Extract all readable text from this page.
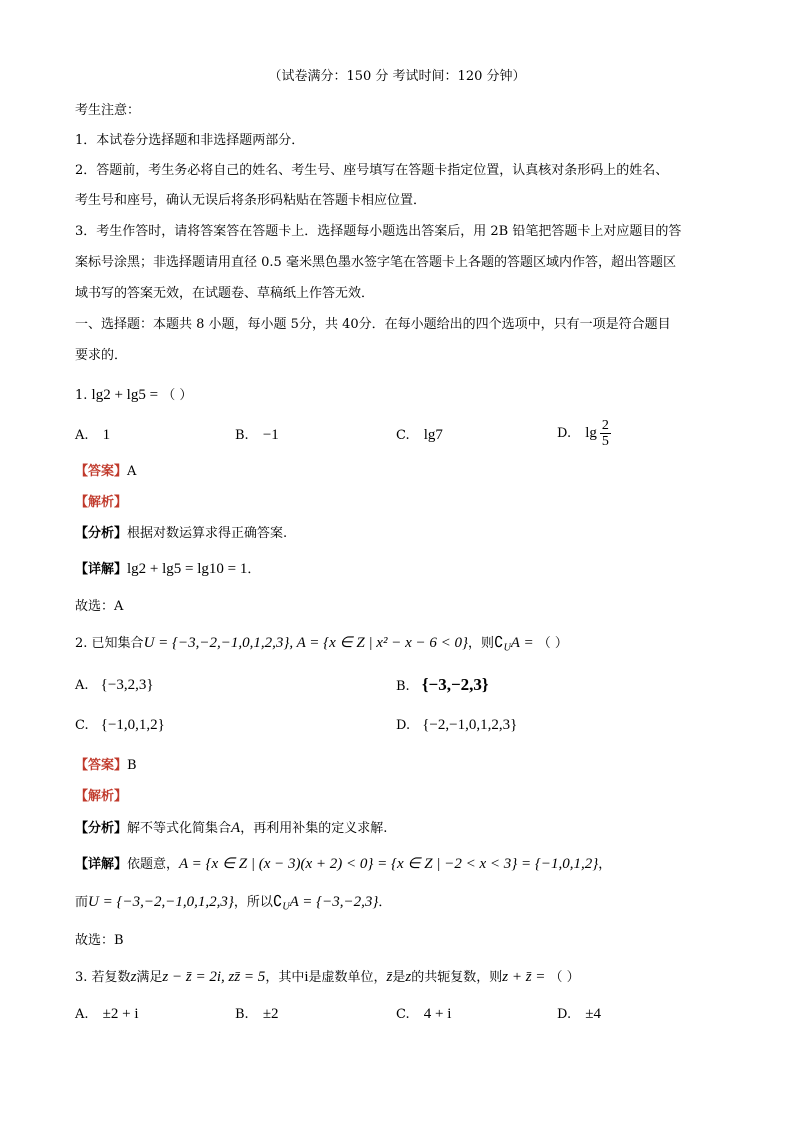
（试卷满分：150 分 考试时间：120 分钟）
考生注意：
1．本试卷分选择题和非选择题两部分．
2．答题前，考生务必将自己的姓名、考生号、座号填写在答题卡指定位置，认真核对条形码上的姓名、
考生号和座号，确认无误后将条形码粘贴在答题卡相应位置．
3．考生作答时，请将答案答在答题卡上．选择题每小题选出答案后，用 2B 铅笔把答题卡上对应题目的答
案标号涂黑；非选择题请用直径 0.5 毫米黑色墨水签字笔在答题卡上各题的答题区域内作答，超出答题区
域书写的答案无效，在试题卷、草稿纸上作答无效．
一、选择题：本题共 8 小题，每小题 5分，共 40分．在每小题给出的四个选项中，只有一项是符合题目
要求的．
1. lg2 + lg5 = （ ）
A. 1	B. −1	C. lg7	D. $\lg \frac{2}{5}$
【答案】A
【解析】
【分析】根据对数运算求得正确答案.
【详解】lg2 + lg5 = lg10 = 1．
故选：A
2. 已知集合U = {−3,−2,−1,0,1,2,3}, A = {x ∈ Z | x² − x − 6 < 0}，则$∁_UA$ = （ ）
A. {−3,2,3}	B. {−3,−2,3}
C. {−1,0,1,2}	D. {−2,−1,0,1,2,3}
【答案】B
【解析】
【分析】解不等式化简集合A，再利用补集的定义求解.
【详解】依题意，A = {x ∈ Z | (x − 3)(x + 2) < 0} = {x ∈ Z | −2 < x < 3} = {−1,0,1,2}，
而U = {−3,−2,−1,0,1,2,3}，所以$∁_UA = \{-3,-2,3\}$．
故选：B
3. 若复数z满足z − z̄ = 2i, zz̄ = 5，其中i是虚数单位，z̄是z的共轭复数，则z + z̄ = （ ）
A. ±2 + i	B. ±2	C. 4 + i	D. ±4
